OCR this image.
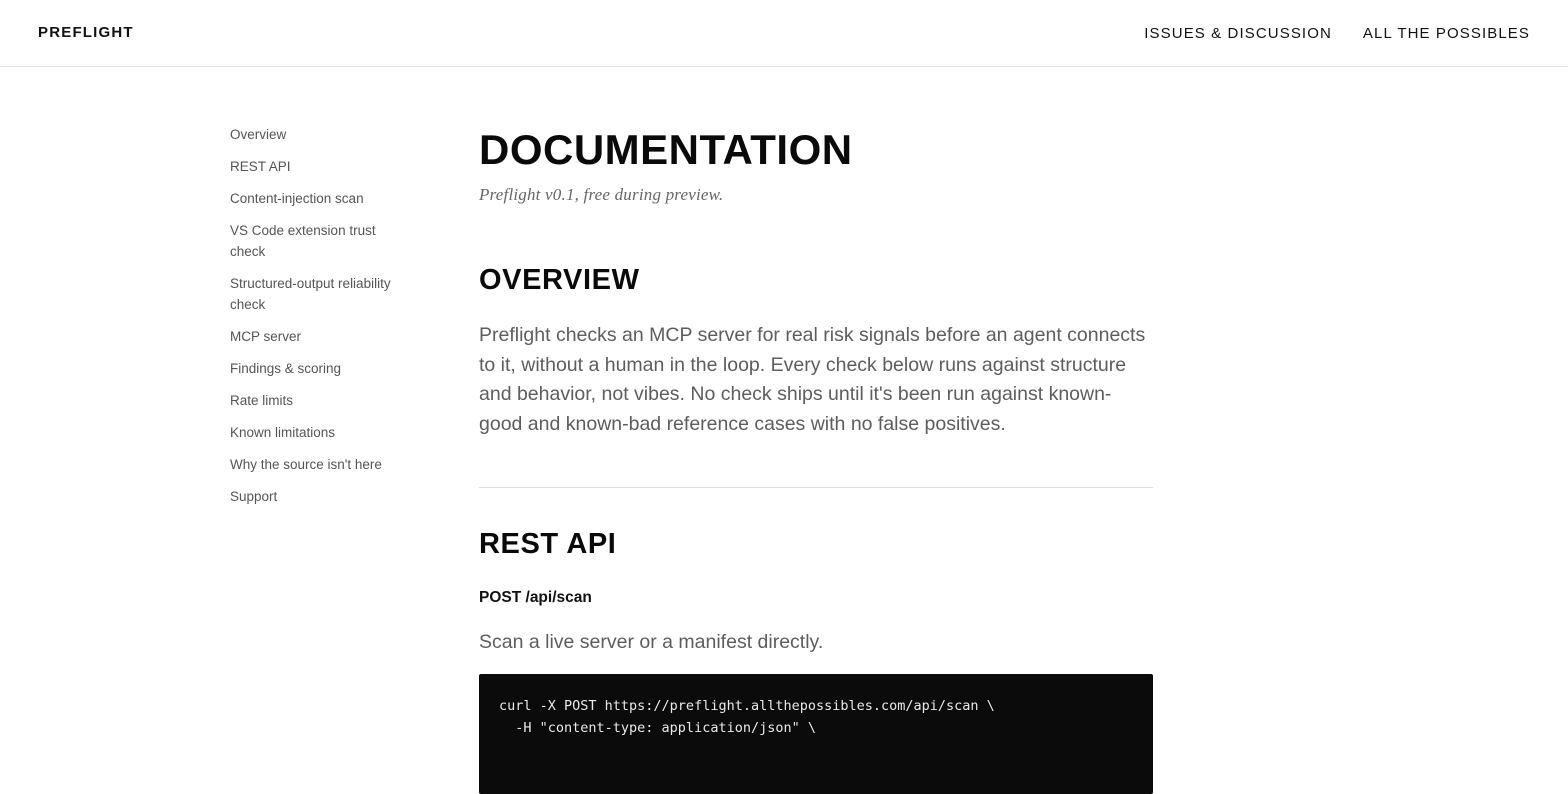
PREFLIGHT	ISSUES & DISCUSSION ALL THE POSSIBLES
Overview
REST API
Content-injection scan
VS Code extension trust check
Structured-output reliability check
MCP server
Findings & scoring
Rate limits
Known limitations
Why the source isn't here
Support
DOCUMENTATION

Preflight v0.1, free during preview.

OVERVIEW

Preflight checks an MCP server for real risk signals before an agent connects to it, without a human in the loop. Every check below runs against structure and behavior, not vibes. No check ships until it's been run against known-good and known-bad reference cases with no false positives.

REST API

POST /api/scan

Scan a live server or a manifest directly.

curl -X POST https://preflight.allthepossibles.com/api/scan \
-H "content-type: application/json" \
